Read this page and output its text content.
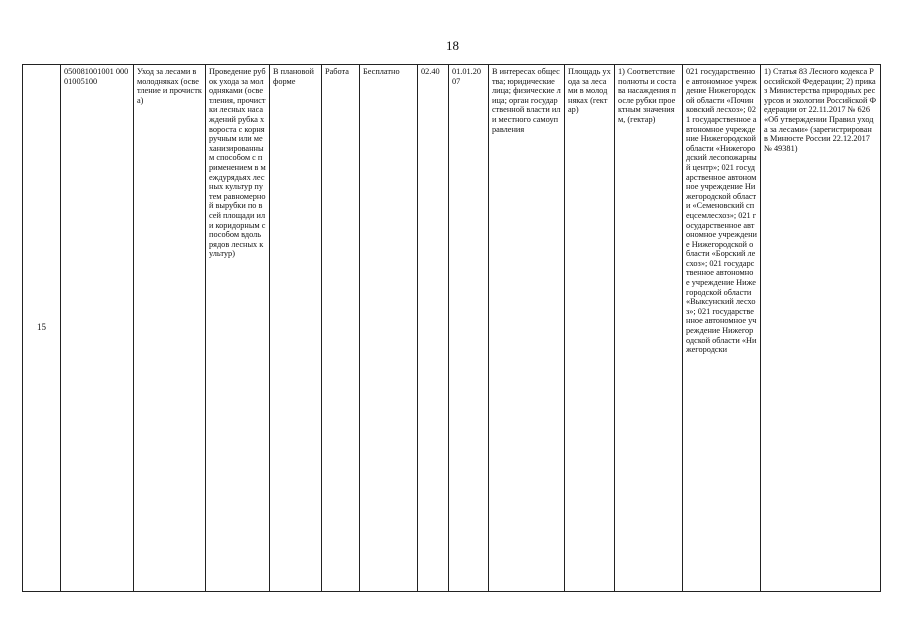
18
15	050081001001 00001005100	Уход за лесами в молодняках (осветление и прочистка)	Проведение рубок ухода за молодняками (осветления, прочистки лесных насаждений рубка хвороста с корня ручным или механизированным способом с применением в междурядьях лесных культур путем равномерной вырубки по всей площади или коридорным способом вдоль рядов лесных культур)	В плановой форме	Работа	Бесплатно	02.40	01.01.2007	В интересах общества; юридические лица; физические лица; орган государственной власти или местного самоуправления	Площадь ухода за лесами в молодняках (гектар)	1) Соответствие полноты и состава насаждения после рубки проектным значениям, (гектар)	021 государственное автономное учреждение Нижегородской области «Починковский лесхоз»; 021 государственное автономное учреждение Нижегородской области «Нижегородский лесопожарный центр»; 021 государственное автономное учреждение Нижегородской области «Семеновский спецсемлесхоз»; 021 государственное автономное учреждение Нижегородской области «Борский лесхоз»; 021 государственное автономное учреждение Нижегородской области «Выксунский лесхоз»; 021 государственное автономное учреждение Нижегородской области «Нижегородски	1) Статья 83 Лесного кодекса Российской Федерации; 2) приказ Министерства природных ресурсов и экологии Российской Федерации от 22.11.2017 № 626 «Об утверждении Правил ухода за лесами» (зарегистрирован в Минюсте России 22.12.2017 № 49381)
